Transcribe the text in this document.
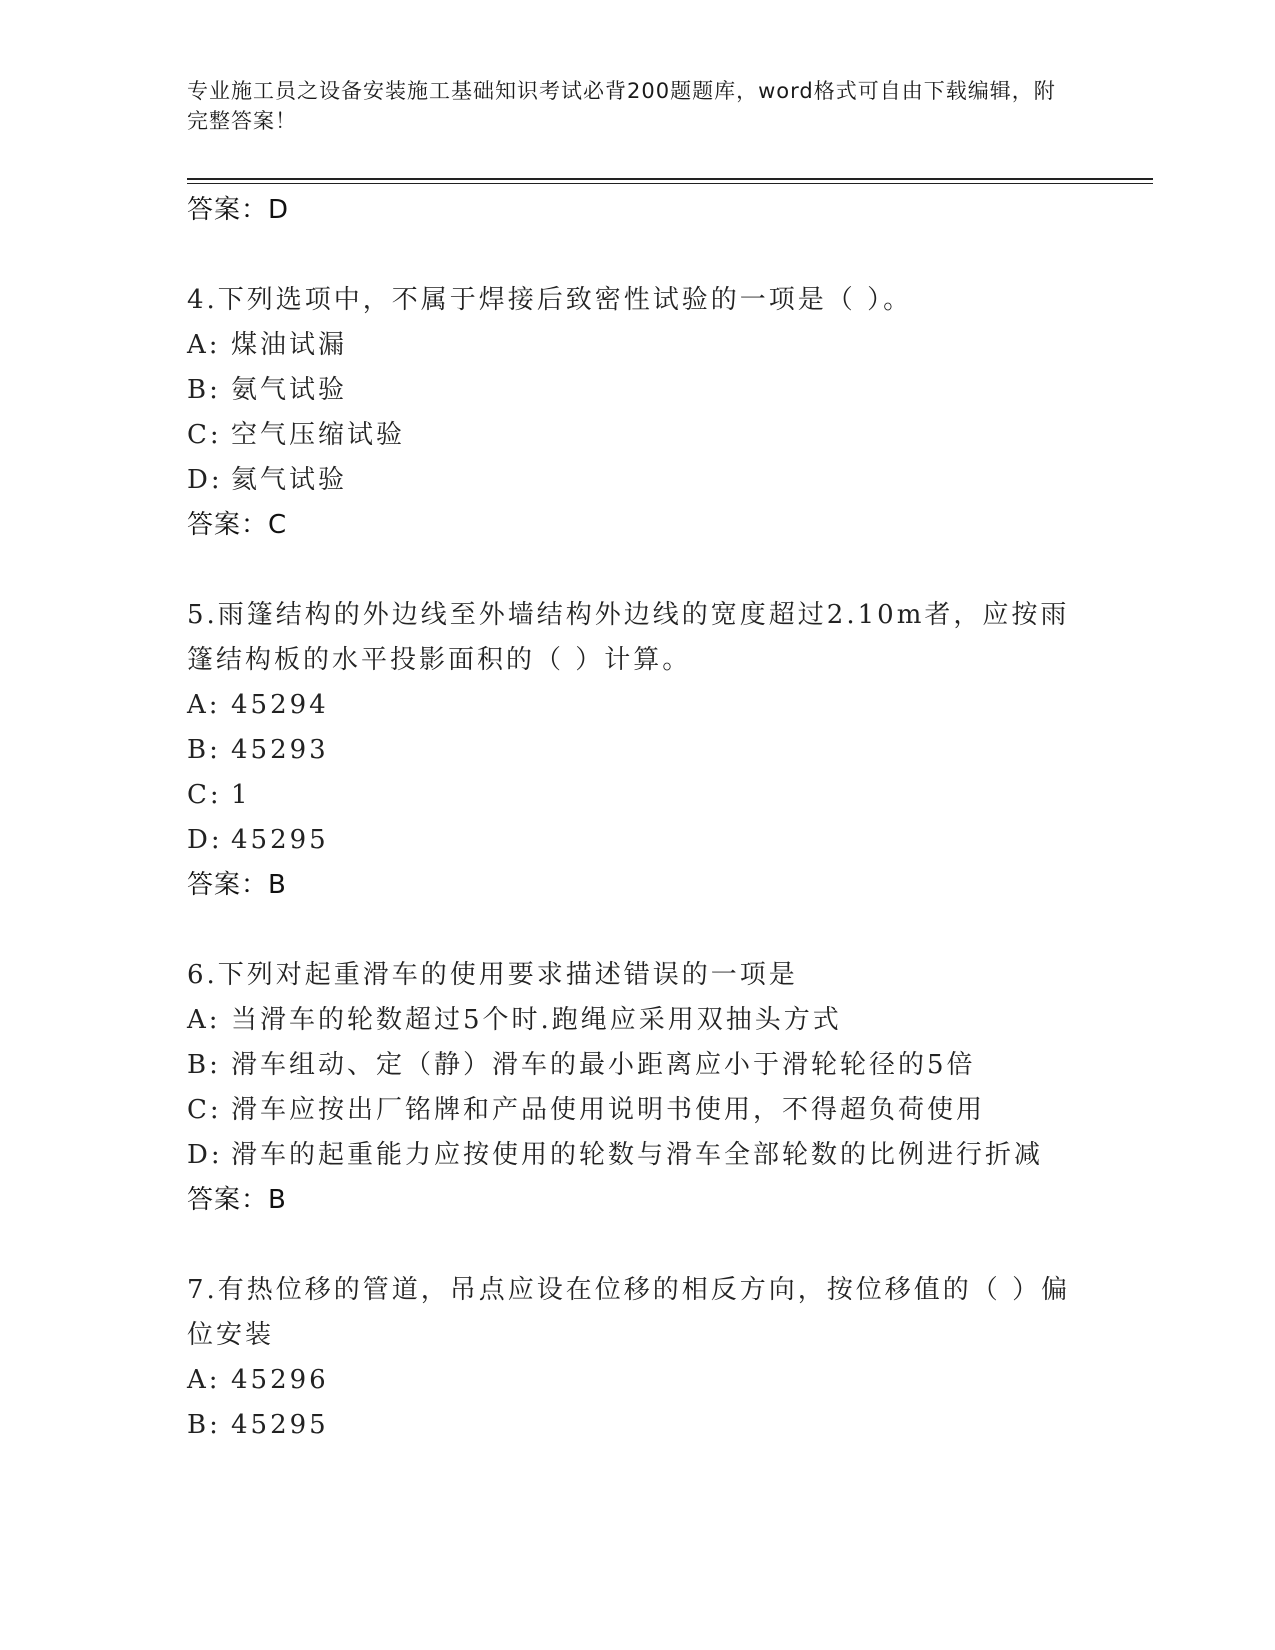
专业施工员之设备安装施工基础知识考试必背200题题库，word格式可自由下载编辑，附完整答案！
答案：D
4.下列选项中，不属于焊接后致密性试验的一项是（ ）。
A: 煤油试漏
B: 氨气试验
C: 空气压缩试验
D: 氦气试验
答案：C
5.雨篷结构的外边线至外墙结构外边线的宽度超过2.10m者，应按雨篷结构板的水平投影面积的（ ）计算。
A: 45294
B: 45293
C: 1
D: 45295
答案：B
6.下列对起重滑车的使用要求描述错误的一项是
A: 当滑车的轮数超过5个时.跑绳应采用双抽头方式
B: 滑车组动、定（静）滑车的最小距离应小于滑轮轮径的5倍
C: 滑车应按出厂铭牌和产品使用说明书使用，不得超负荷使用
D: 滑车的起重能力应按使用的轮数与滑车全部轮数的比例进行折减
答案：B
7.有热位移的管道，吊点应设在位移的相反方向，按位移值的（ ）偏位安装
A: 45296
B: 45295
